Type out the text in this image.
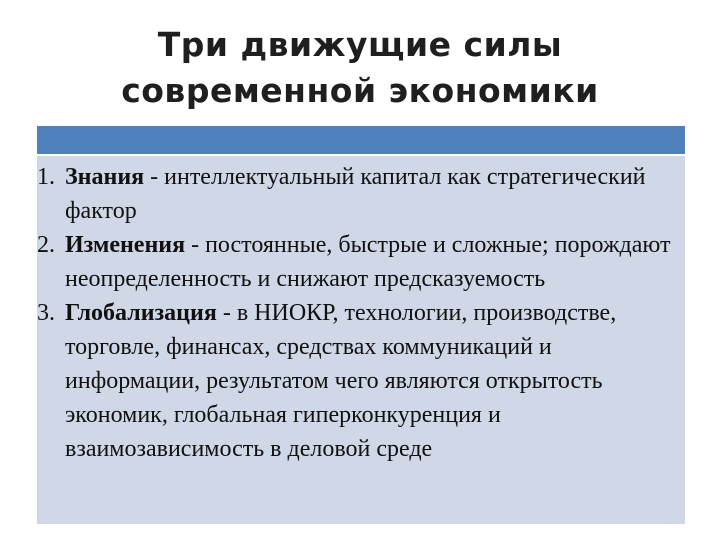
Три движущие силы
современной экономики
1. Знания - интеллектуальный капитал как стратегический фактор
2. Изменения - постоянные, быстрые и сложные; порождают неопределенность и снижают предсказуемость
3. Глобализация - в НИОКР, технологии, производстве, торговле, финансах, средствах коммуникаций и информации, результатом чего являются открытость экономик, глобальная гиперконкуренция и взаимозависимость в деловой среде
